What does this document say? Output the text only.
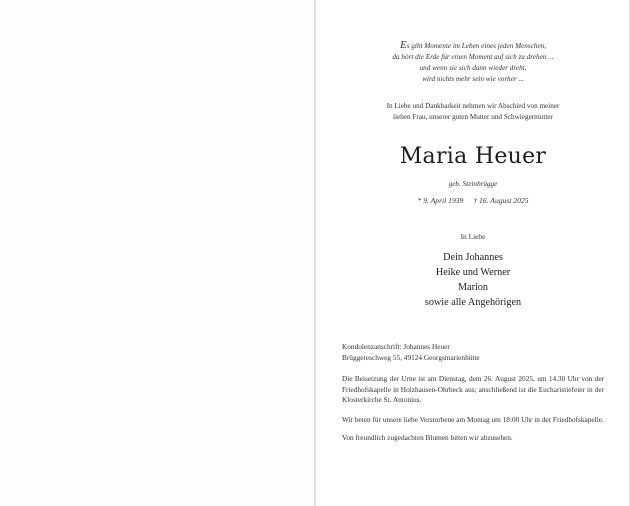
Es gibt Momente im Leben eines jeden Menschen,
da hört die Erde für einen Moment auf sich zu drehen ...
und wenn sie sich dann wieder dreht,
wird nichts mehr sein wie vorher ...
In Liebe und Dankbarkeit nehmen wir Abschied von meiner
lieben Frau, unserer guten Mutter und Schwiegermutter
Maria Heuer
geb. Steinbrügge
* 9. April 1939 † 16. August 2025
In Liebe
Dein Johannes
Heike und Werner
Marion
sowie alle Angehörigen

Kondolenzanschrift: Johannes Heuer

Brüggereschweg 55, 49124 Georgsmarienhütte

Die Beisetzung der Urne ist am Dienstag, dem 26. August 2025, um 14.30 Uhr von der Friedhofskapelle in Holzhausen-Ohrbeck aus; anschließend ist die Eucharistiefeier in der Klosterkirche St. Antonius.

Wir beten für unsere liebe Verstorbene am Montag um 18:00 Uhr in der Friedhofskapelle.

Von freundlich zugedachten Blumen bitten wir abzusehen.
